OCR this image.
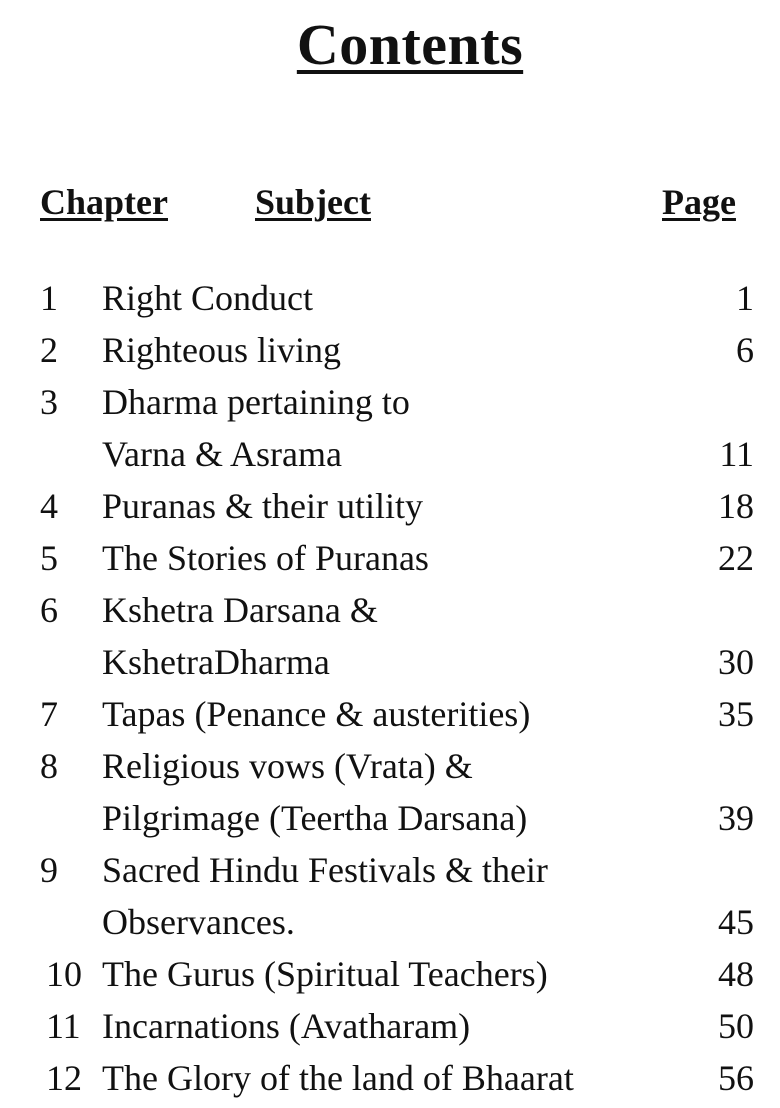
Contents
Chapter Subject	Page
1	Right Conduct	1
2	Righteous living	6
3	Dharma pertaining to
Varna & Asrama	11
4	Puranas & their utility	18
5	The Stories of Puranas	22
6	Kshetra Darsana &
KshetraDharma	30
7	Tapas (Penance & austerities)	35
8	Religious vows (Vrata) &
Pilgrimage (Teertha Darsana)	39
9	Sacred Hindu Festivals & their
Observances.	45
10 The Gurus (Spiritual Teachers)	48
11 Incarnations (Avatharam)	50
12 The Glory of the land of Bhaarat	56
